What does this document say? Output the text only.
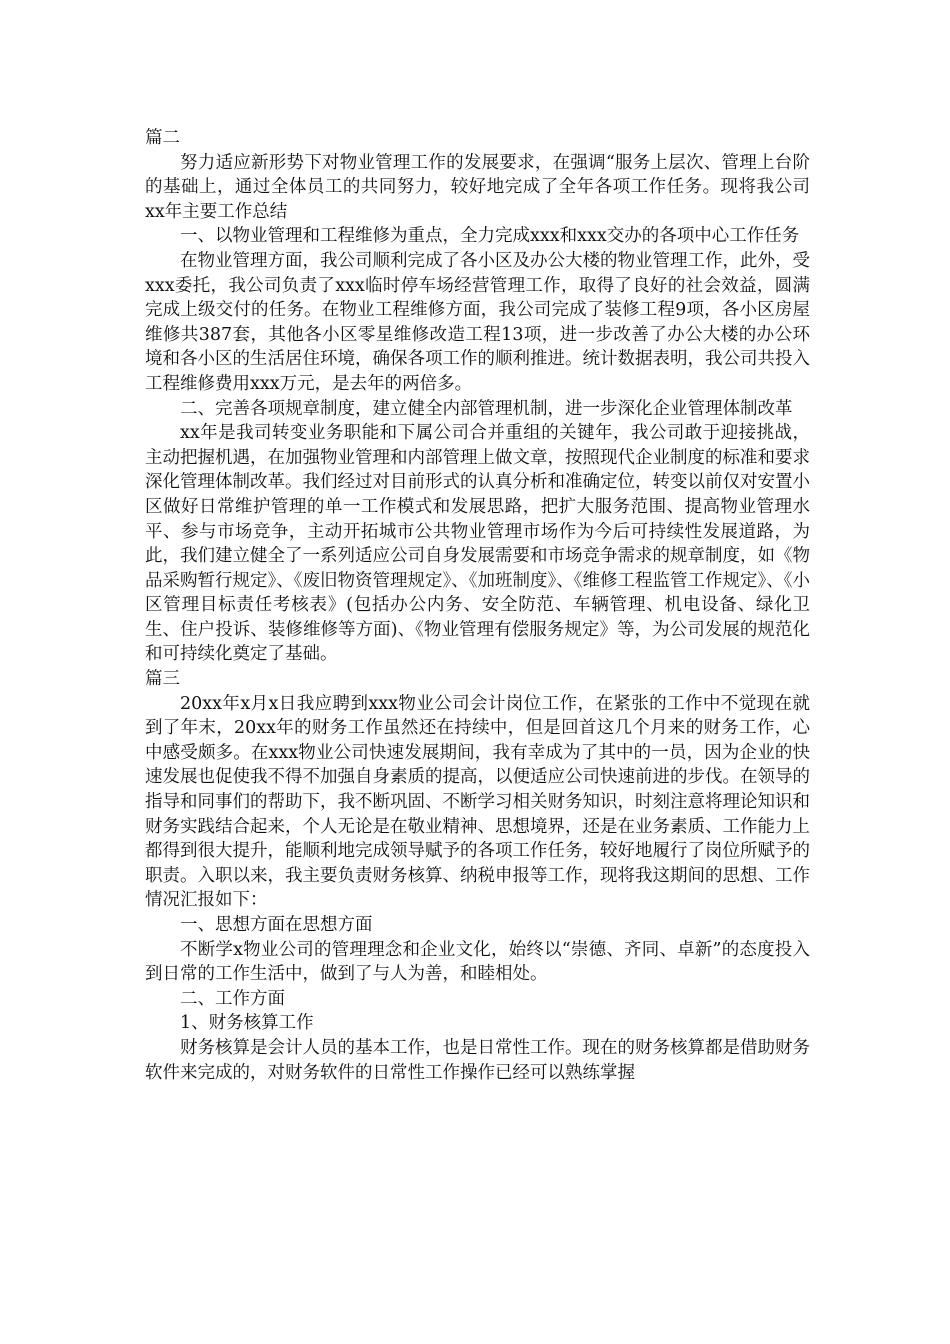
篇二

努力适应新形势下对物业管理工作的发展要求，在强调“服务上层次、管理上台阶的基础上，通过全体员工的共同努力，较好地完成了全年各项工作任务。现将我公司xx年主要工作总结

一、以物业管理和工程维修为重点，全力完成xxx和xxx交办的各项中心工作任务

在物业管理方面，我公司顺利完成了各小区及办公大楼的物业管理工作，此外，受xxx委托，我公司负责了xxx临时停车场经营管理工作，取得了良好的社会效益，圆满完成上级交付的任务。在物业工程维修方面，我公司完成了装修工程9项，各小区房屋维修共387套，其他各小区零星维修改造工程13项，进一步改善了办公大楼的办公环境和各小区的生活居住环境，确保各项工作的顺利推进。统计数据表明，我公司共投入工程维修费用xxx万元，是去年的两倍多。

二、完善各项规章制度，建立健全内部管理机制，进一步深化企业管理体制改革

xx年是我司转变业务职能和下属公司合并重组的关键年，我公司敢于迎接挑战，主动把握机遇，在加强物业管理和内部管理上做文章，按照现代企业制度的标准和要求深化管理体制改革。我们经过对目前形式的认真分析和准确定位，转变以前仅对安置小区做好日常维护管理的单一工作模式和发展思路，把扩大服务范围、提高物业管理水平、参与市场竞争，主动开拓城市公共物业管理市场作为今后可持续性发展道路，为此，我们建立健全了一系列适应公司自身发展需要和市场竞争需求的规章制度，如《物品采购暂行规定》、《废旧物资管理规定》、《加班制度》、《维修工程监管工作规定》、《小区管理目标责任考核表》(包括办公内务、安全防范、车辆管理、机电设备、绿化卫生、住户投诉、装修维修等方面)、《物业管理有偿服务规定》等，为公司发展的规范化和可持续化奠定了基础。

篇三

20xx年x月x日我应聘到xxx物业公司会计岗位工作，在紧张的工作中不觉现在就到了年末，20xx年的财务工作虽然还在持续中，但是回首这几个月来的财务工作，心中感受颇多。在xxx物业公司快速发展期间，我有幸成为了其中的一员，因为企业的快速发展也促使我不得不加强自身素质的提高，以便适应公司快速前进的步伐。在领导的指导和同事们的帮助下，我不断巩固、不断学习相关财务知识，时刻注意将理论知识和财务实践结合起来，个人无论是在敬业精神、思想境界，还是在业务素质、工作能力上都得到很大提升，能顺利地完成领导赋予的各项工作任务，较好地履行了岗位所赋予的职责。入职以来，我主要负责财务核算、纳税申报等工作，现将我这期间的思想、工作情况汇报如下：

一、思想方面在思想方面

不断学x物业公司的管理理念和企业文化，始终以“崇德、齐同、卓新”的态度投入到日常的工作生活中，做到了与人为善，和睦相处。

二、工作方面

1、财务核算工作

财务核算是会计人员的基本工作，也是日常性工作。现在的财务核算都是借助财务软件来完成的，对财务软件的日常性工作操作已经可以熟练掌握
